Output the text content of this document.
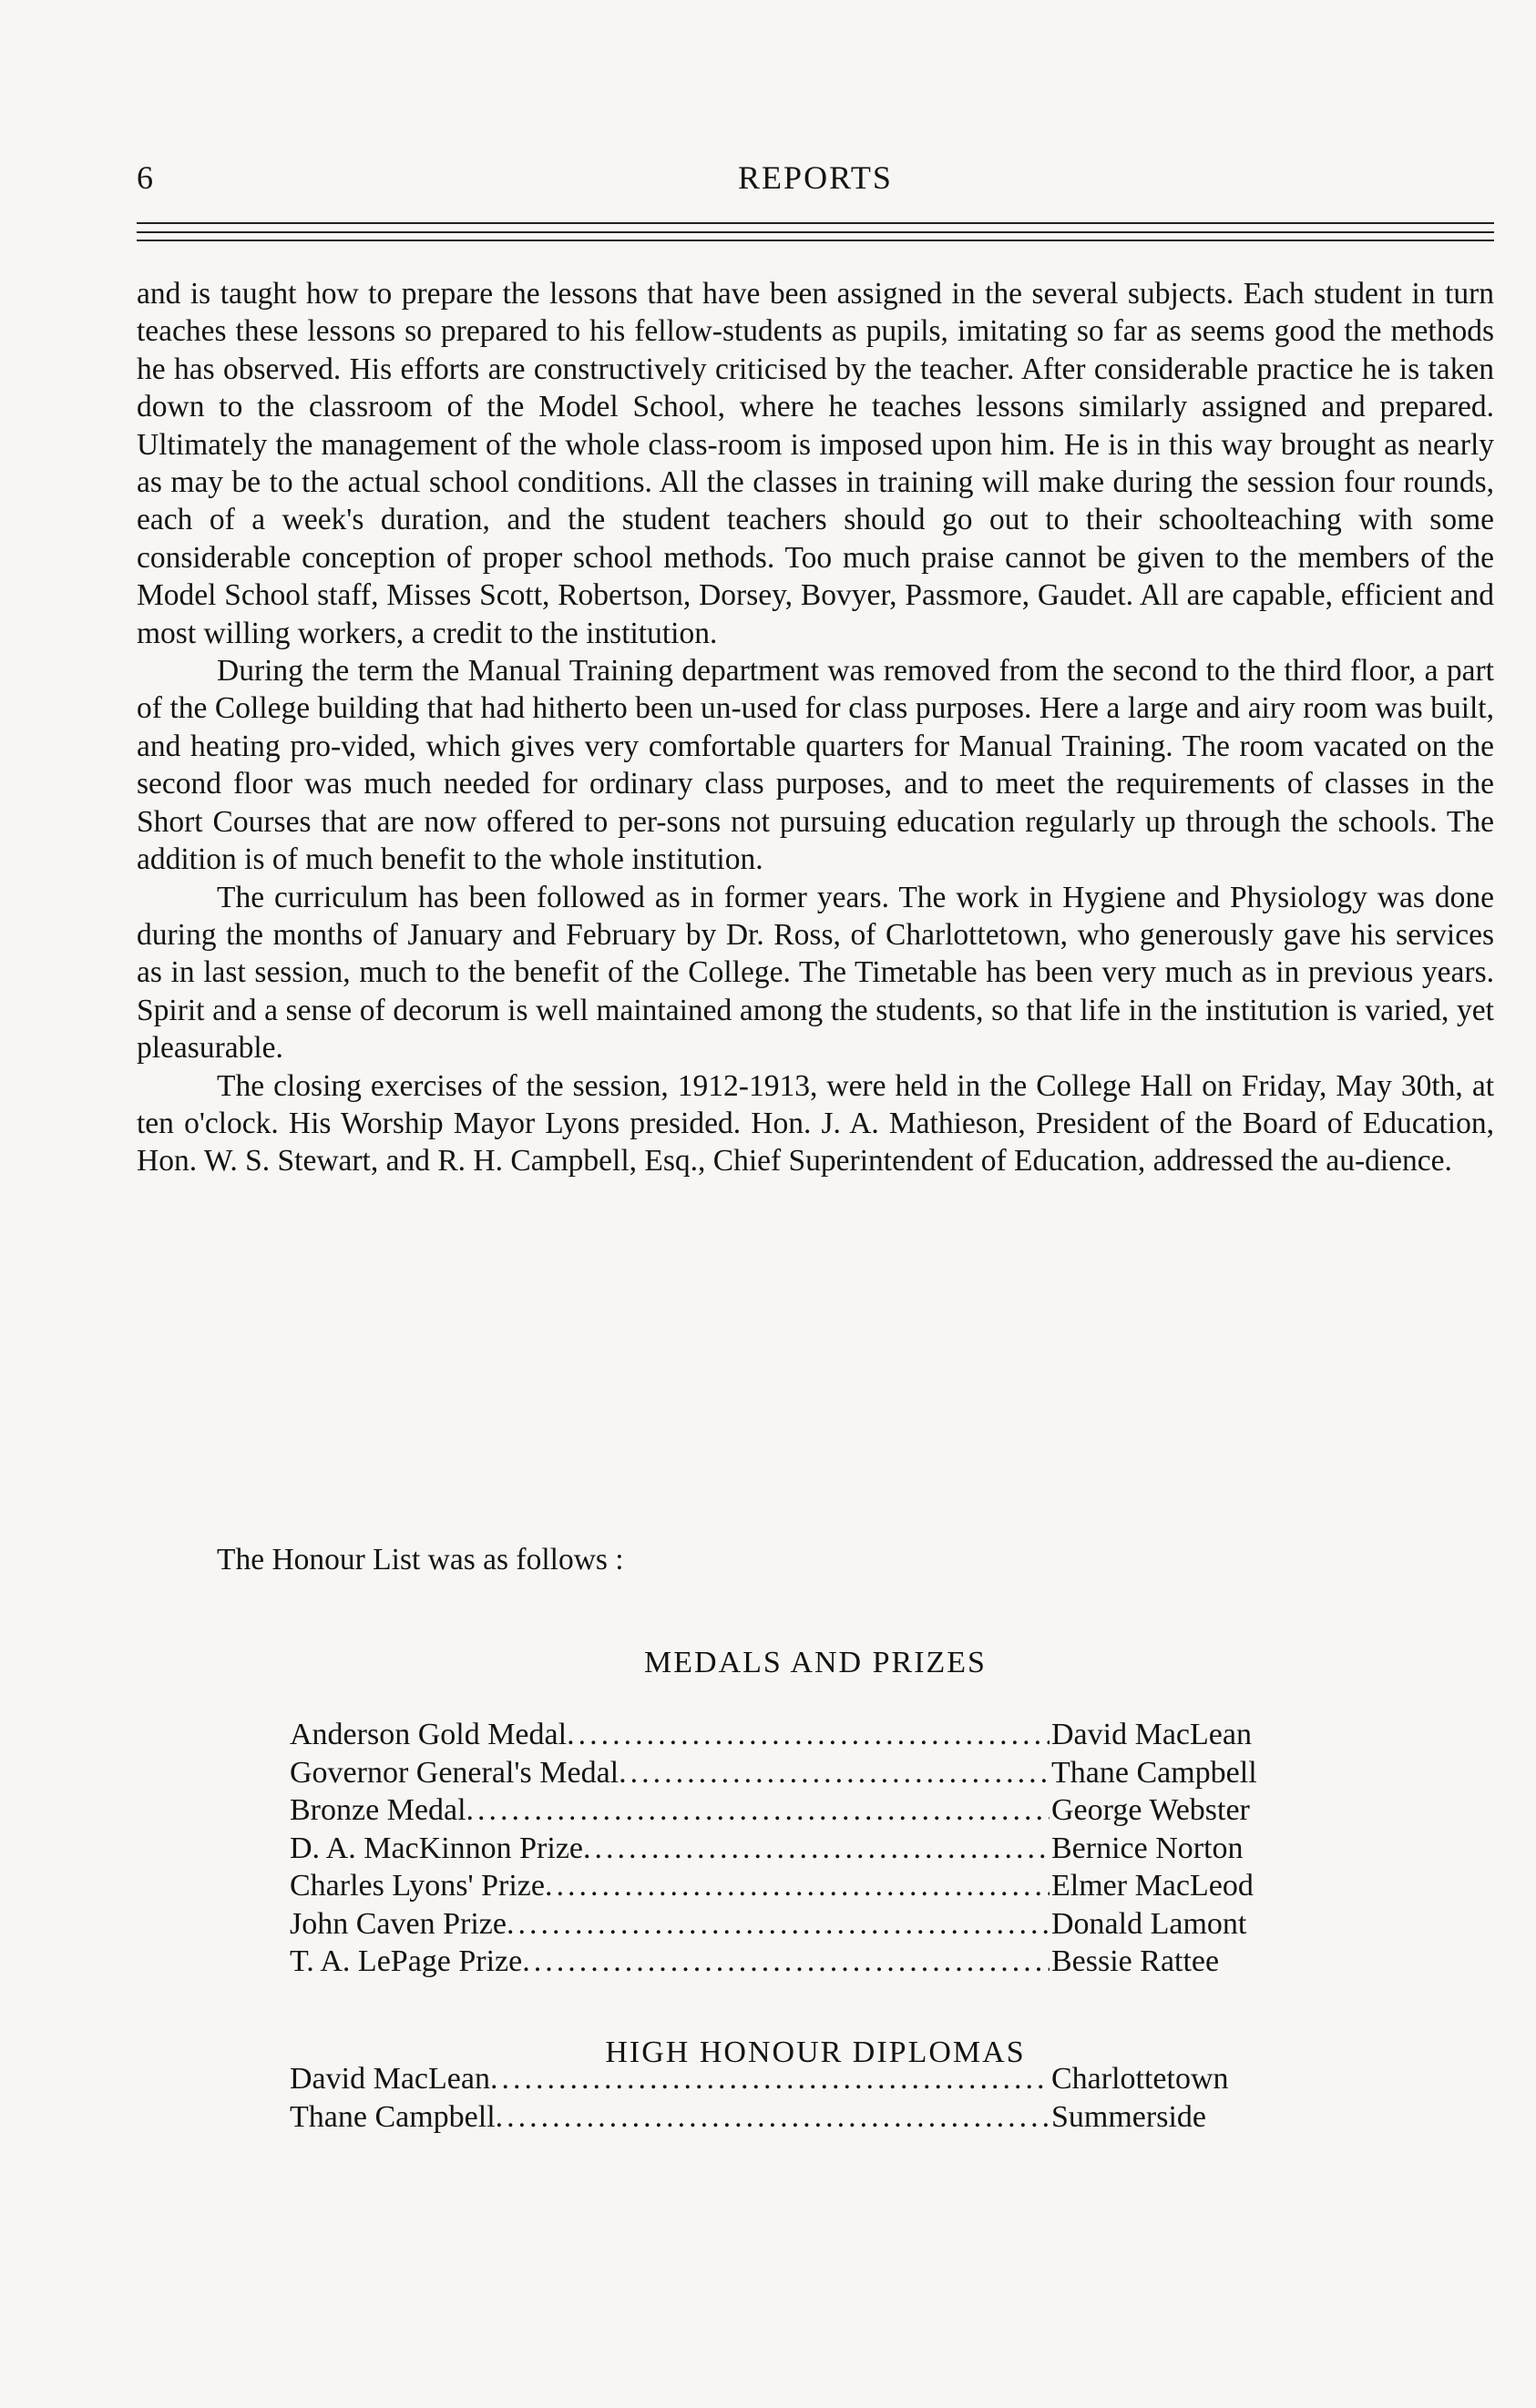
6	REPORTS

and is taught how to prepare the lessons that have been assigned in the several subjects. Each student in turn teaches these lessons so prepared to his fellow-students as pupils, imitating so far as seems good the methods he has observed. His efforts are constructively criticised by the teacher. After considerable practice he is taken down to the classroom of the Model School, where he teaches lessons similarly assigned and prepared. Ultimately the management of the whole class-room is imposed upon him. He is in this way brought as nearly as may be to the actual school conditions. All the classes in training will make during the session four rounds, each of a week's duration, and the student teachers should go out to their schoolteaching with some considerable conception of proper school methods. Too much praise cannot be given to the members of the Model School staff, Misses Scott, Robertson, Dorsey, Bovyer, Passmore, Gaudet. All are capable, efficient and most willing workers, a credit to the institution.

During the term the Manual Training department was removed from the second to the third floor, a part of the College building that had hitherto been un-used for class purposes. Here a large and airy room was built, and heating pro-vided, which gives very comfortable quarters for Manual Training. The room vacated on the second floor was much needed for ordinary class purposes, and to meet the requirements of classes in the Short Courses that are now offered to per-sons not pursuing education regularly up through the schools. The addition is of much benefit to the whole institution.

The curriculum has been followed as in former years. The work in Hygiene and Physiology was done during the months of January and February by Dr. Ross, of Charlottetown, who generously gave his services as in last session, much to the benefit of the College. The Timetable has been very much as in previous years. Spirit and a sense of decorum is well maintained among the students, so that life in the institution is varied, yet pleasurable.

The closing exercises of the session, 1912-1913, were held in the College Hall on Friday, May 30th, at ten o'clock. His Worship Mayor Lyons presided. Hon. J. A. Mathieson, President of the Board of Education, Hon. W. S. Stewart, and R. H. Campbell, Esq., Chief Superintendent of Education, addressed the au-dience.

The Honour List was as follows :
MEDALS AND PRIZES
Anderson Gold Medal .....	David MacLean
Governor General's Medal .....	Thane Campbell
Bronze Medal .....	George Webster
D. A. MacKinnon Prize .....	Bernice Norton
Charles Lyons' Prize .....	Elmer MacLeod
John Caven Prize .....	Donald Lamont
T. A. LePage Prize .....	Bessie Rattee
HIGH HONOUR DIPLOMAS
David MacLean .....	Charlottetown
Thane Campbell .....	Summerside
